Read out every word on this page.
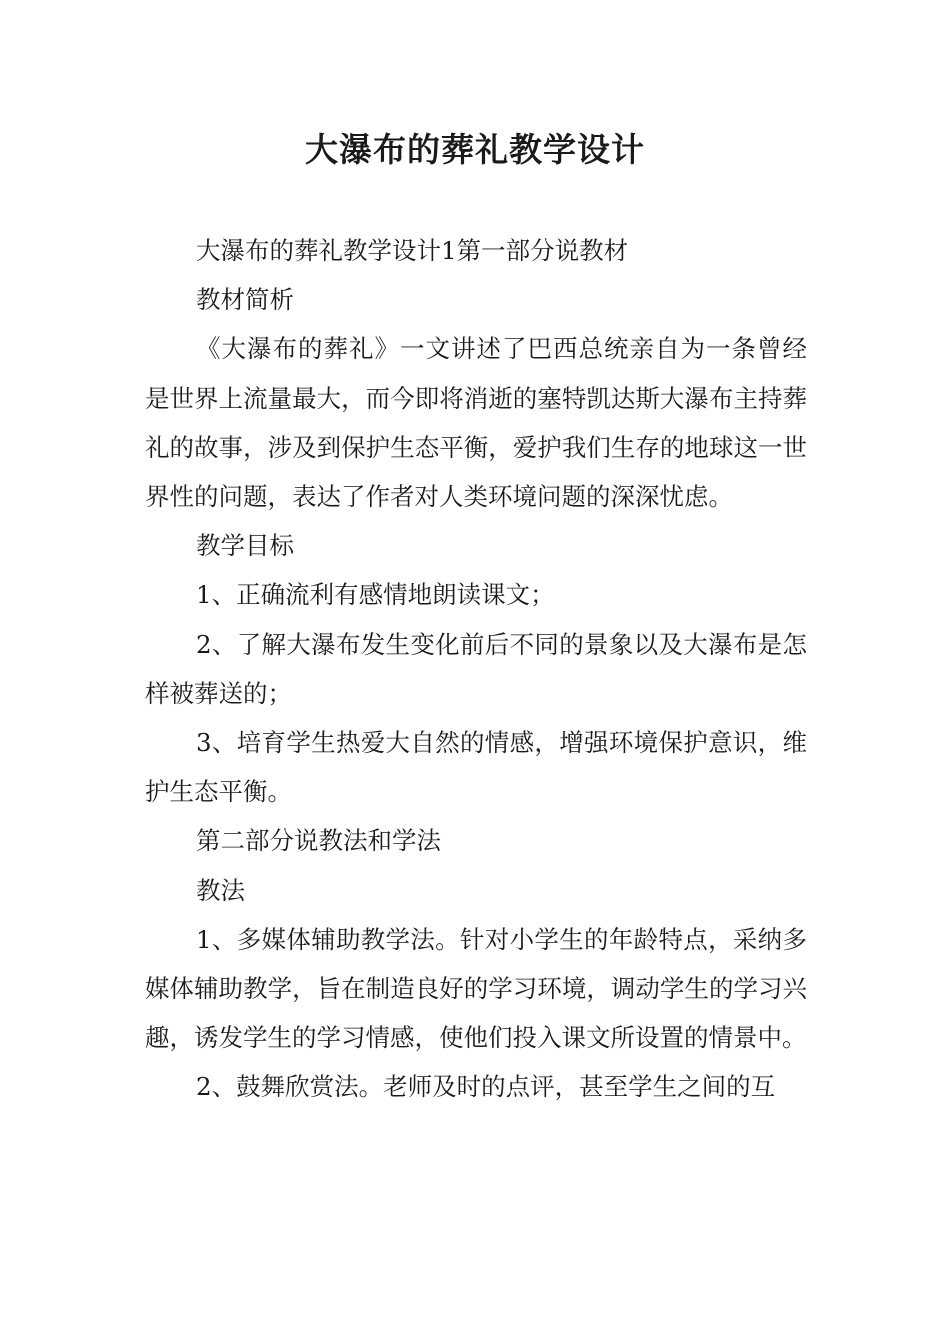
大瀑布的葬礼教学设计

大瀑布的葬礼教学设计1第一部分说教材

教材简析

《大瀑布的葬礼》一文讲述了巴西总统亲自为一条曾经是世界上流量最大，而今即将消逝的塞特凯达斯大瀑布主持葬礼的故事，涉及到保护生态平衡，爱护我们生存的地球这一世界性的问题，表达了作者对人类环境问题的深深忧虑。

教学目标

1、正确流利有感情地朗读课文；

2、了解大瀑布发生变化前后不同的景象以及大瀑布是怎样被葬送的；

3、培育学生热爱大自然的情感，增强环境保护意识，维护生态平衡。

第二部分说教法和学法

教法

1、多媒体辅助教学法。针对小学生的年龄特点，采纳多媒体辅助教学，旨在制造良好的学习环境，调动学生的学习兴趣，诱发学生的学习情感，使他们投入课文所设置的情景中。

2、鼓舞欣赏法。老师及时的点评，甚至学生之间的互
